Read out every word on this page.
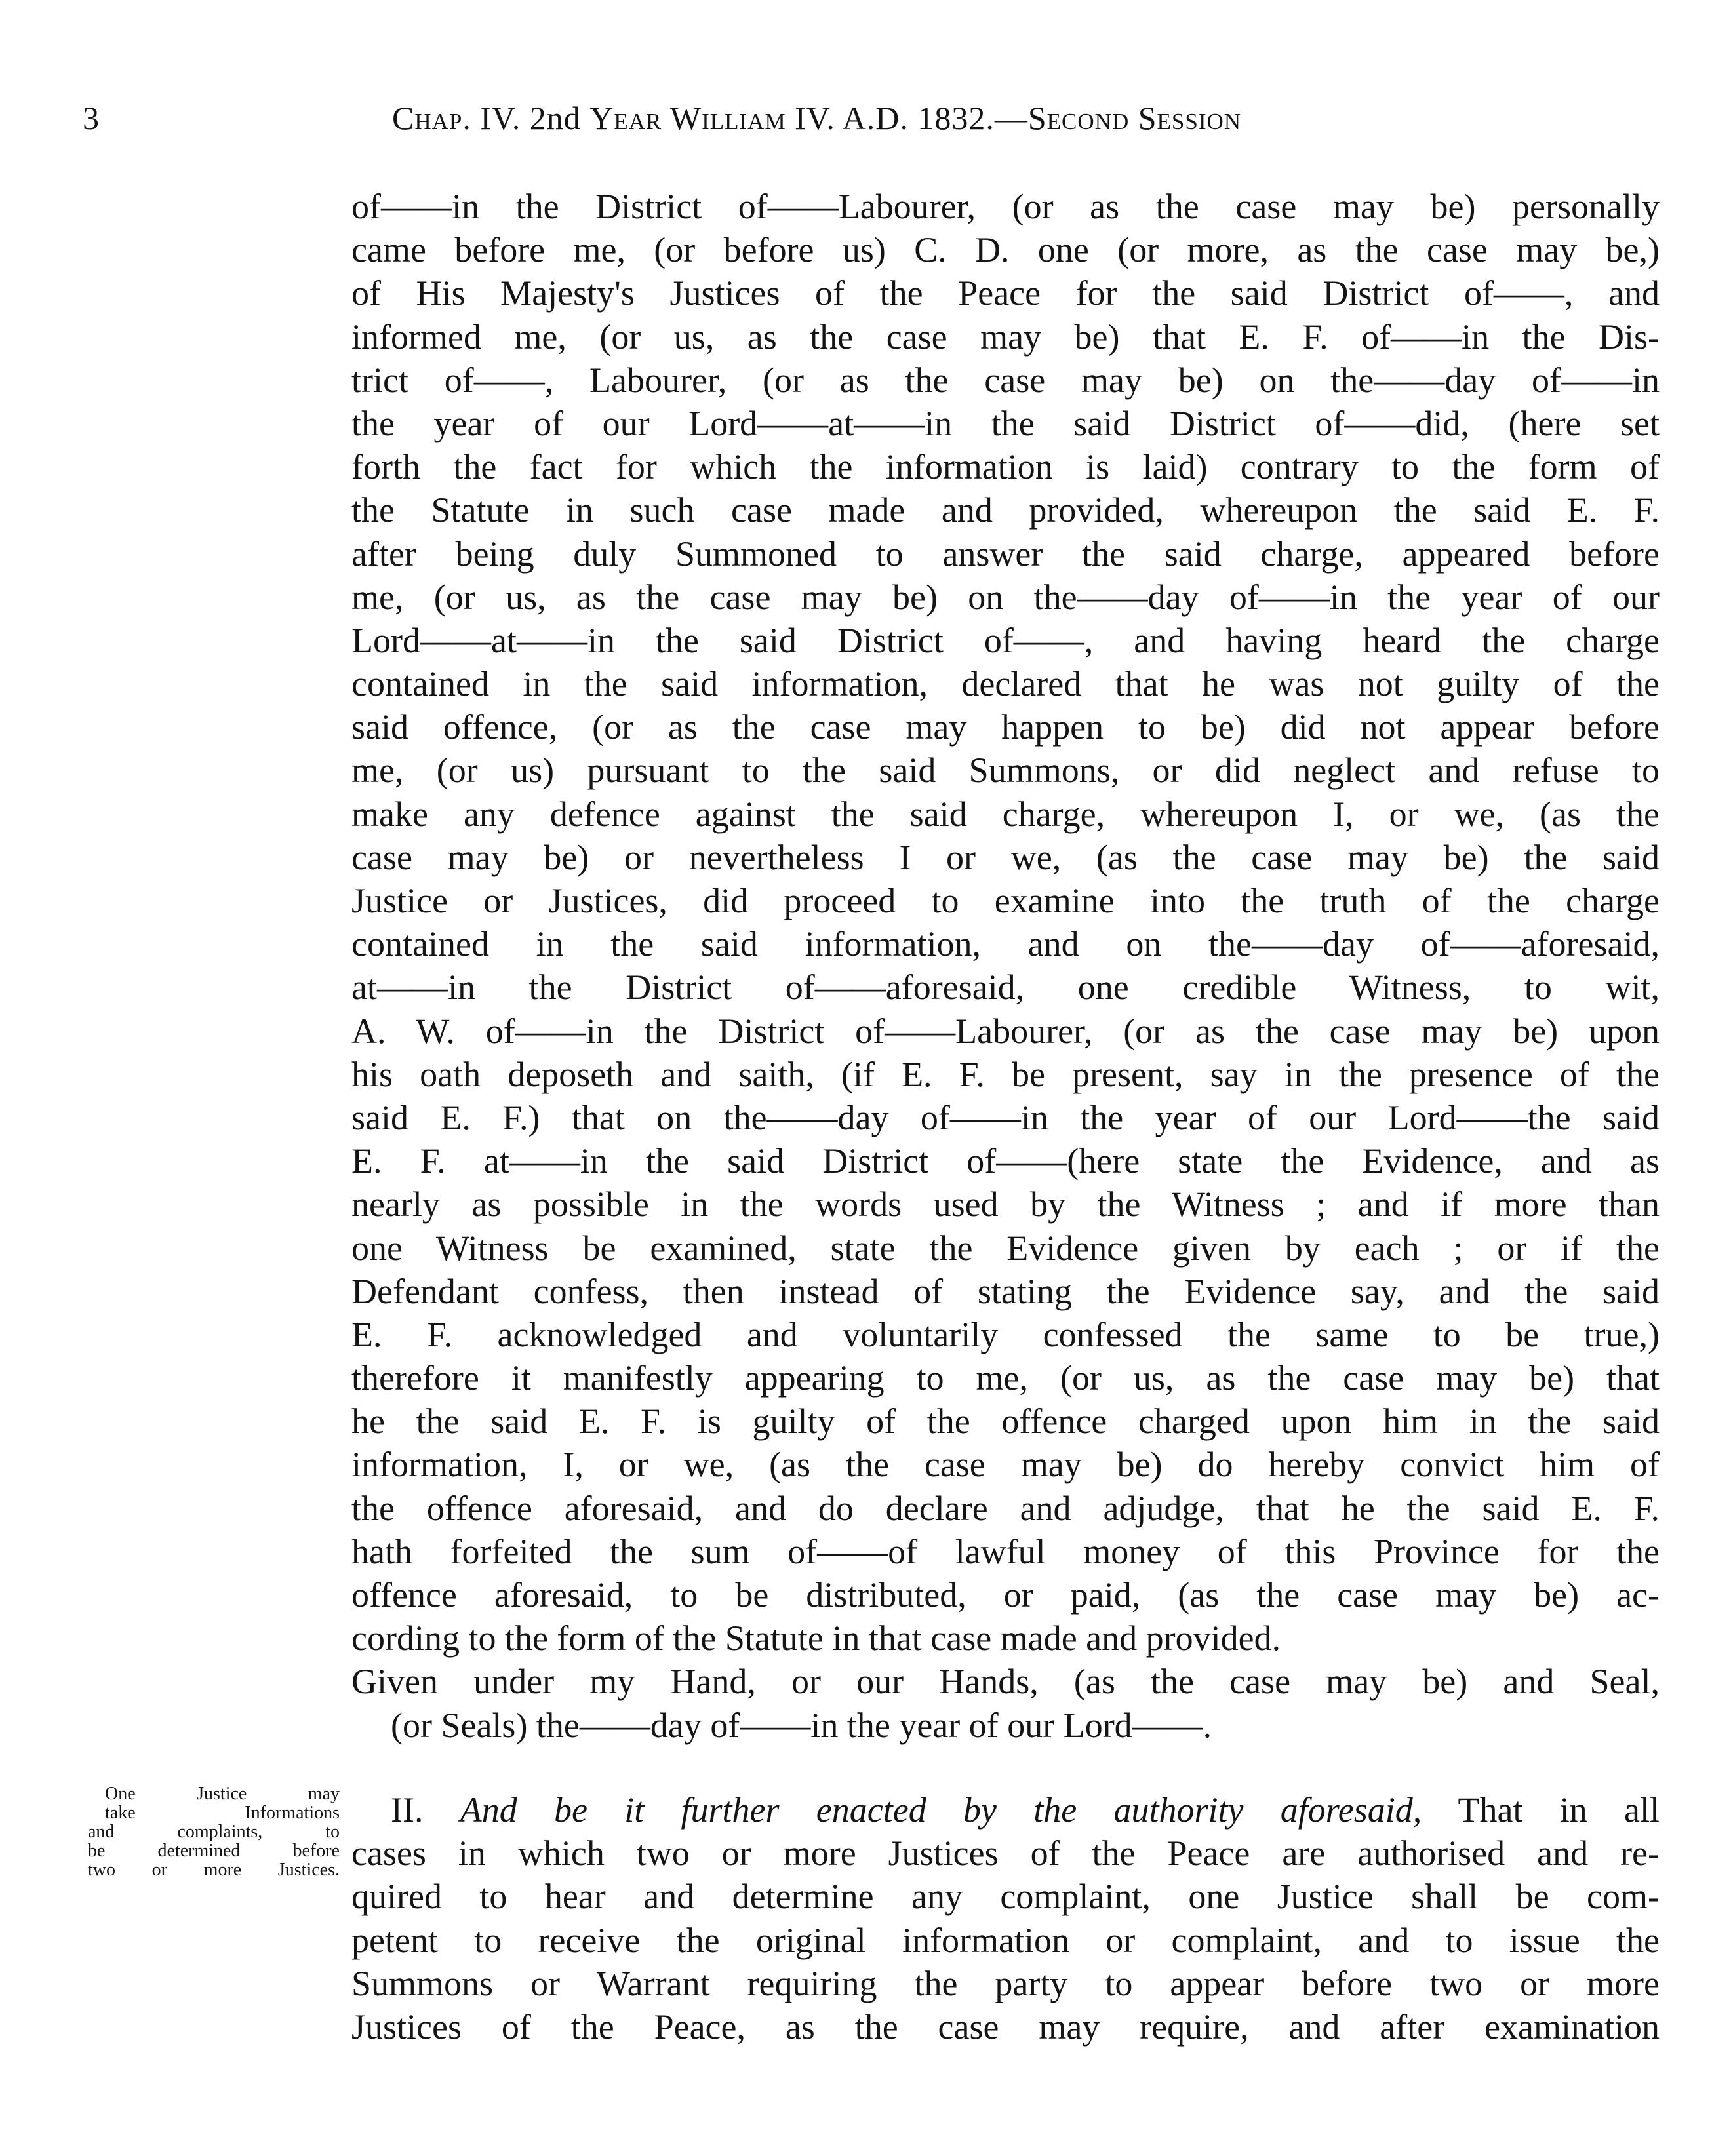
3	Chap. IV. 2nd Year William IV. A.D. 1832.—Second Session
of——in the District of——Labourer, (or as the case may be) personally
came before me, (or before us) C. D. one (or more, as the case may be,)
of His Majesty's Justices of the Peace for the said District of——, and
informed me, (or us, as the case may be) that E. F. of——in the Dis-
trict of——, Labourer, (or as the case may be) on the——day of——in
the year of our Lord——at——in the said District of——did, (here set
forth the fact for which the information is laid) contrary to the form of
the Statute in such case made and provided, whereupon the said E. F.
after being duly Summoned to answer the said charge, appeared before
me, (or us, as the case may be) on the——day of——in the year of our
Lord——at——in the said District of——, and having heard the charge
contained in the said information, declared that he was not guilty of the
said offence, (or as the case may happen to be) did not appear before
me, (or us) pursuant to the said Summons, or did neglect and refuse to
make any defence against the said charge, whereupon I, or we, (as the
case may be) or nevertheless I or we, (as the case may be) the said
Justice or Justices, did proceed to examine into the truth of the charge
contained in the said information, and on the——day of——aforesaid,
at——in the District of——aforesaid, one credible Witness, to wit,
A. W. of——in the District of——Labourer, (or as the case may be) upon
his oath deposeth and saith, (if E. F. be present, say in the presence of the
said E. F.) that on the——day of——in the year of our Lord——the said
E. F. at——in the said District of——(here state the Evidence, and as
nearly as possible in the words used by the Witness ; and if more than
one Witness be examined, state the Evidence given by each ; or if the
Defendant confess, then instead of stating the Evidence say, and the said
E. F. acknowledged and voluntarily confessed the same to be true,)
therefore it manifestly appearing to me, (or us, as the case may be) that
he the said E. F. is guilty of the offence charged upon him in the said
information, I, or we, (as the case may be) do hereby convict him of
the offence aforesaid, and do declare and adjudge, that he the said E. F.
hath forfeited the sum of——of lawful money of this Province for the
offence aforesaid, to be distributed, or paid, (as the case may be) ac-
cording to the form of the Statute in that case made and provided.
Given under my Hand, or our Hands, (as the case may be) and Seal,
(or Seals) the——day of——in the year of our Lord——.
One Justice may
take Informations
and complaints, to
be determined before
two or more Justices.
II. And be it further enacted by the authority aforesaid, That in all
cases in which two or more Justices of the Peace are authorised and re-
quired to hear and determine any complaint, one Justice shall be com-
petent to receive the original information or complaint, and to issue the
Summons or Warrant requiring the party to appear before two or more
Justices of the Peace, as the case may require, and after examination
